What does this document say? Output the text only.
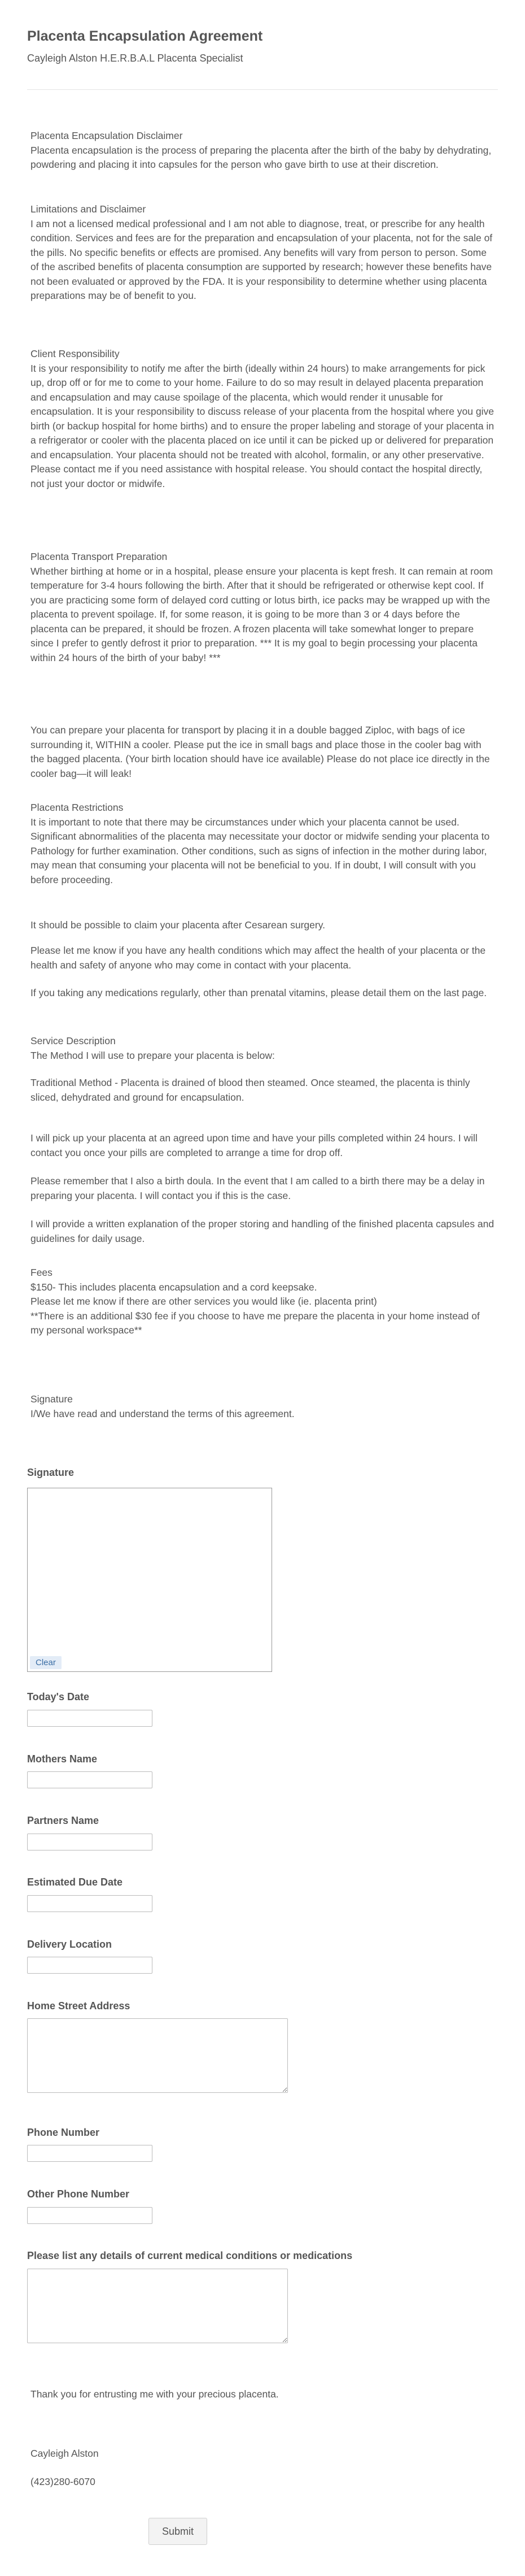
Placenta Encapsulation Agreement
Cayleigh Alston H.E.R.B.A.L Placenta Specialist
Placenta Encapsulation Disclaimer
Placenta encapsulation is the process of preparing the placenta after the birth of the baby by dehydrating, powdering and placing it into capsules for the person who gave birth to use at their discretion.
Limitations and Disclaimer
I am not a licensed medical professional and I am not able to diagnose, treat, or prescribe for any health condition. Services and fees are for the preparation and encapsulation of your placenta, not for the sale of the pills. No specific benefits or effects are promised. Any benefits will vary from person to person. Some of the ascribed benefits of placenta consumption are supported by research; however these benefits have not been evaluated or approved by the FDA. It is your responsibility to determine whether using placenta preparations may be of benefit to you.
Client Responsibility
It is your responsibility to notify me after the birth (ideally within 24 hours) to make arrangements for pick up, drop off or for me to come to your home. Failure to do so may result in delayed placenta preparation and encapsulation and may cause spoilage of the placenta, which would render it unusable for encapsulation. It is your responsibility to discuss release of your placenta from the hospital where you give birth (or backup hospital for home births) and to ensure the proper labeling and storage of your placenta in a refrigerator or cooler with the placenta placed on ice until it can be picked up or delivered for preparation and encapsulation. Your placenta should not be treated with alcohol, formalin, or any other preservative. Please contact me if you need assistance with hospital release. You should contact the hospital directly, not just your doctor or midwife.
Placenta Transport Preparation
Whether birthing at home or in a hospital, please ensure your placenta is kept fresh. It can remain at room temperature for 3-4 hours following the birth. After that it should be refrigerated or otherwise kept cool. If you are practicing some form of delayed cord cutting or lotus birth, ice packs may be wrapped up with the placenta to prevent spoilage. If, for some reason, it is going to be more than 3 or 4 days before the placenta can be prepared, it should be frozen. A frozen placenta will take somewhat longer to prepare since I prefer to gently defrost it prior to preparation. *** It is my goal to begin processing your placenta within 24 hours of the birth of your baby! ***
You can prepare your placenta for transport by placing it in a double bagged Ziploc, with bags of ice surrounding it, WITHIN a cooler. Please put the ice in small bags and place those in the cooler bag with the bagged placenta. (Your birth location should have ice available) Please do not place ice directly in the cooler bag—it will leak!
Placenta Restrictions
It is important to note that there may be circumstances under which your placenta cannot be used. Significant abnormalities of the placenta may necessitate your doctor or midwife sending your placenta to Pathology for further examination. Other conditions, such as signs of infection in the mother during labor, may mean that consuming your placenta will not be beneficial to you. If in doubt, I will consult with you before proceeding.
It should be possible to claim your placenta after Cesarean surgery.
Please let me know if you have any health conditions which may affect the health of your placenta or the health and safety of anyone who may come in contact with your placenta.
If you taking any medications regularly, other than prenatal vitamins, please detail them on the last page.
Service Description
The Method I will use to prepare your placenta is below:
Traditional Method - Placenta is drained of blood then steamed. Once steamed, the placenta is thinly sliced, dehydrated and ground for encapsulation.
I will pick up your placenta at an agreed upon time and have your pills completed within 24 hours. I will contact you once your pills are completed to arrange a time for drop off.
Please remember that I also a birth doula. In the event that I am called to a birth there may be a delay in preparing your placenta. I will contact you if this is the case.
I will provide a written explanation of the proper storing and handling of the finished placenta capsules and guidelines for daily usage.
Fees
$150- This includes placenta encapsulation and a cord keepsake.
Please let me know if there are other services you would like (ie. placenta print)
**There is an additional $30 fee if you choose to have me prepare the placenta in your home instead of my personal workspace**
Signature
I/We have read and understand the terms of this agreement.
Signature
Clear
Today's Date
Mothers Name
Partners Name
Estimated Due Date
Delivery Location
Home Street Address
Phone Number
Other Phone Number
Please list any details of current medical conditions or medications
Thank you for entrusting me with your precious placenta.
Cayleigh Alston
(423)280-6070
Submit
